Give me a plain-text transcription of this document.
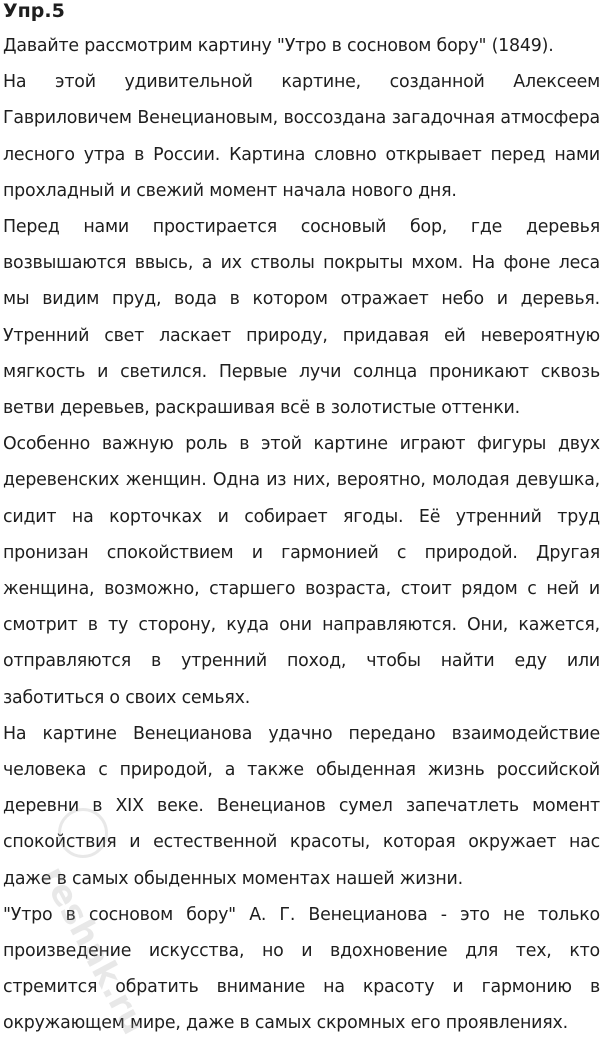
Упр.5

Давайте рассмотрим картину "Утро в сосновом бору" (1849).

На этой удивительной картине, созданной Алексеем Гавриловичем Венециановым, воссоздана загадочная атмосфера лесного утра в России. Картина словно открывает перед нами прохладный и свежий момент начала нового дня.

Перед нами простирается сосновый бор, где деревья возвышаются ввысь, а их стволы покрыты мхом. На фоне леса мы видим пруд, вода в котором отражает небо и деревья. Утренний свет ласкает природу, придавая ей невероятную мягкость и светился. Первые лучи солнца проникают сквозь ветви деревьев, раскрашивая всё в золотистые оттенки.

Особенно важную роль в этой картине играют фигуры двух деревенских женщин. Одна из них, вероятно, молодая девушка, сидит на корточках и собирает ягоды. Её утренний труд пронизан спокойствием и гармонией с природой. Другая женщина, возможно, старшего возраста, стоит рядом с ней и смотрит в ту сторону, куда они направляются. Они, кажется, отправляются в утренний поход, чтобы найти еду или заботиться о своих семьях.

На картине Венецианова удачно передано взаимодействие человека с природой, а также обыденная жизнь российской деревни в XIX веке. Венецианов сумел запечатлеть момент спокойствия и естественной красоты, которая окружает нас даже в самых обыденных моментах нашей жизни.

"Утро в сосновом бору" А. Г. Венецианова - это не только произведение искусства, но и вдохновение для тех, кто стремится обратить внимание на красоту и гармонию в окружающем мире, даже в самых скромных его проявлениях.

reshak.ru
